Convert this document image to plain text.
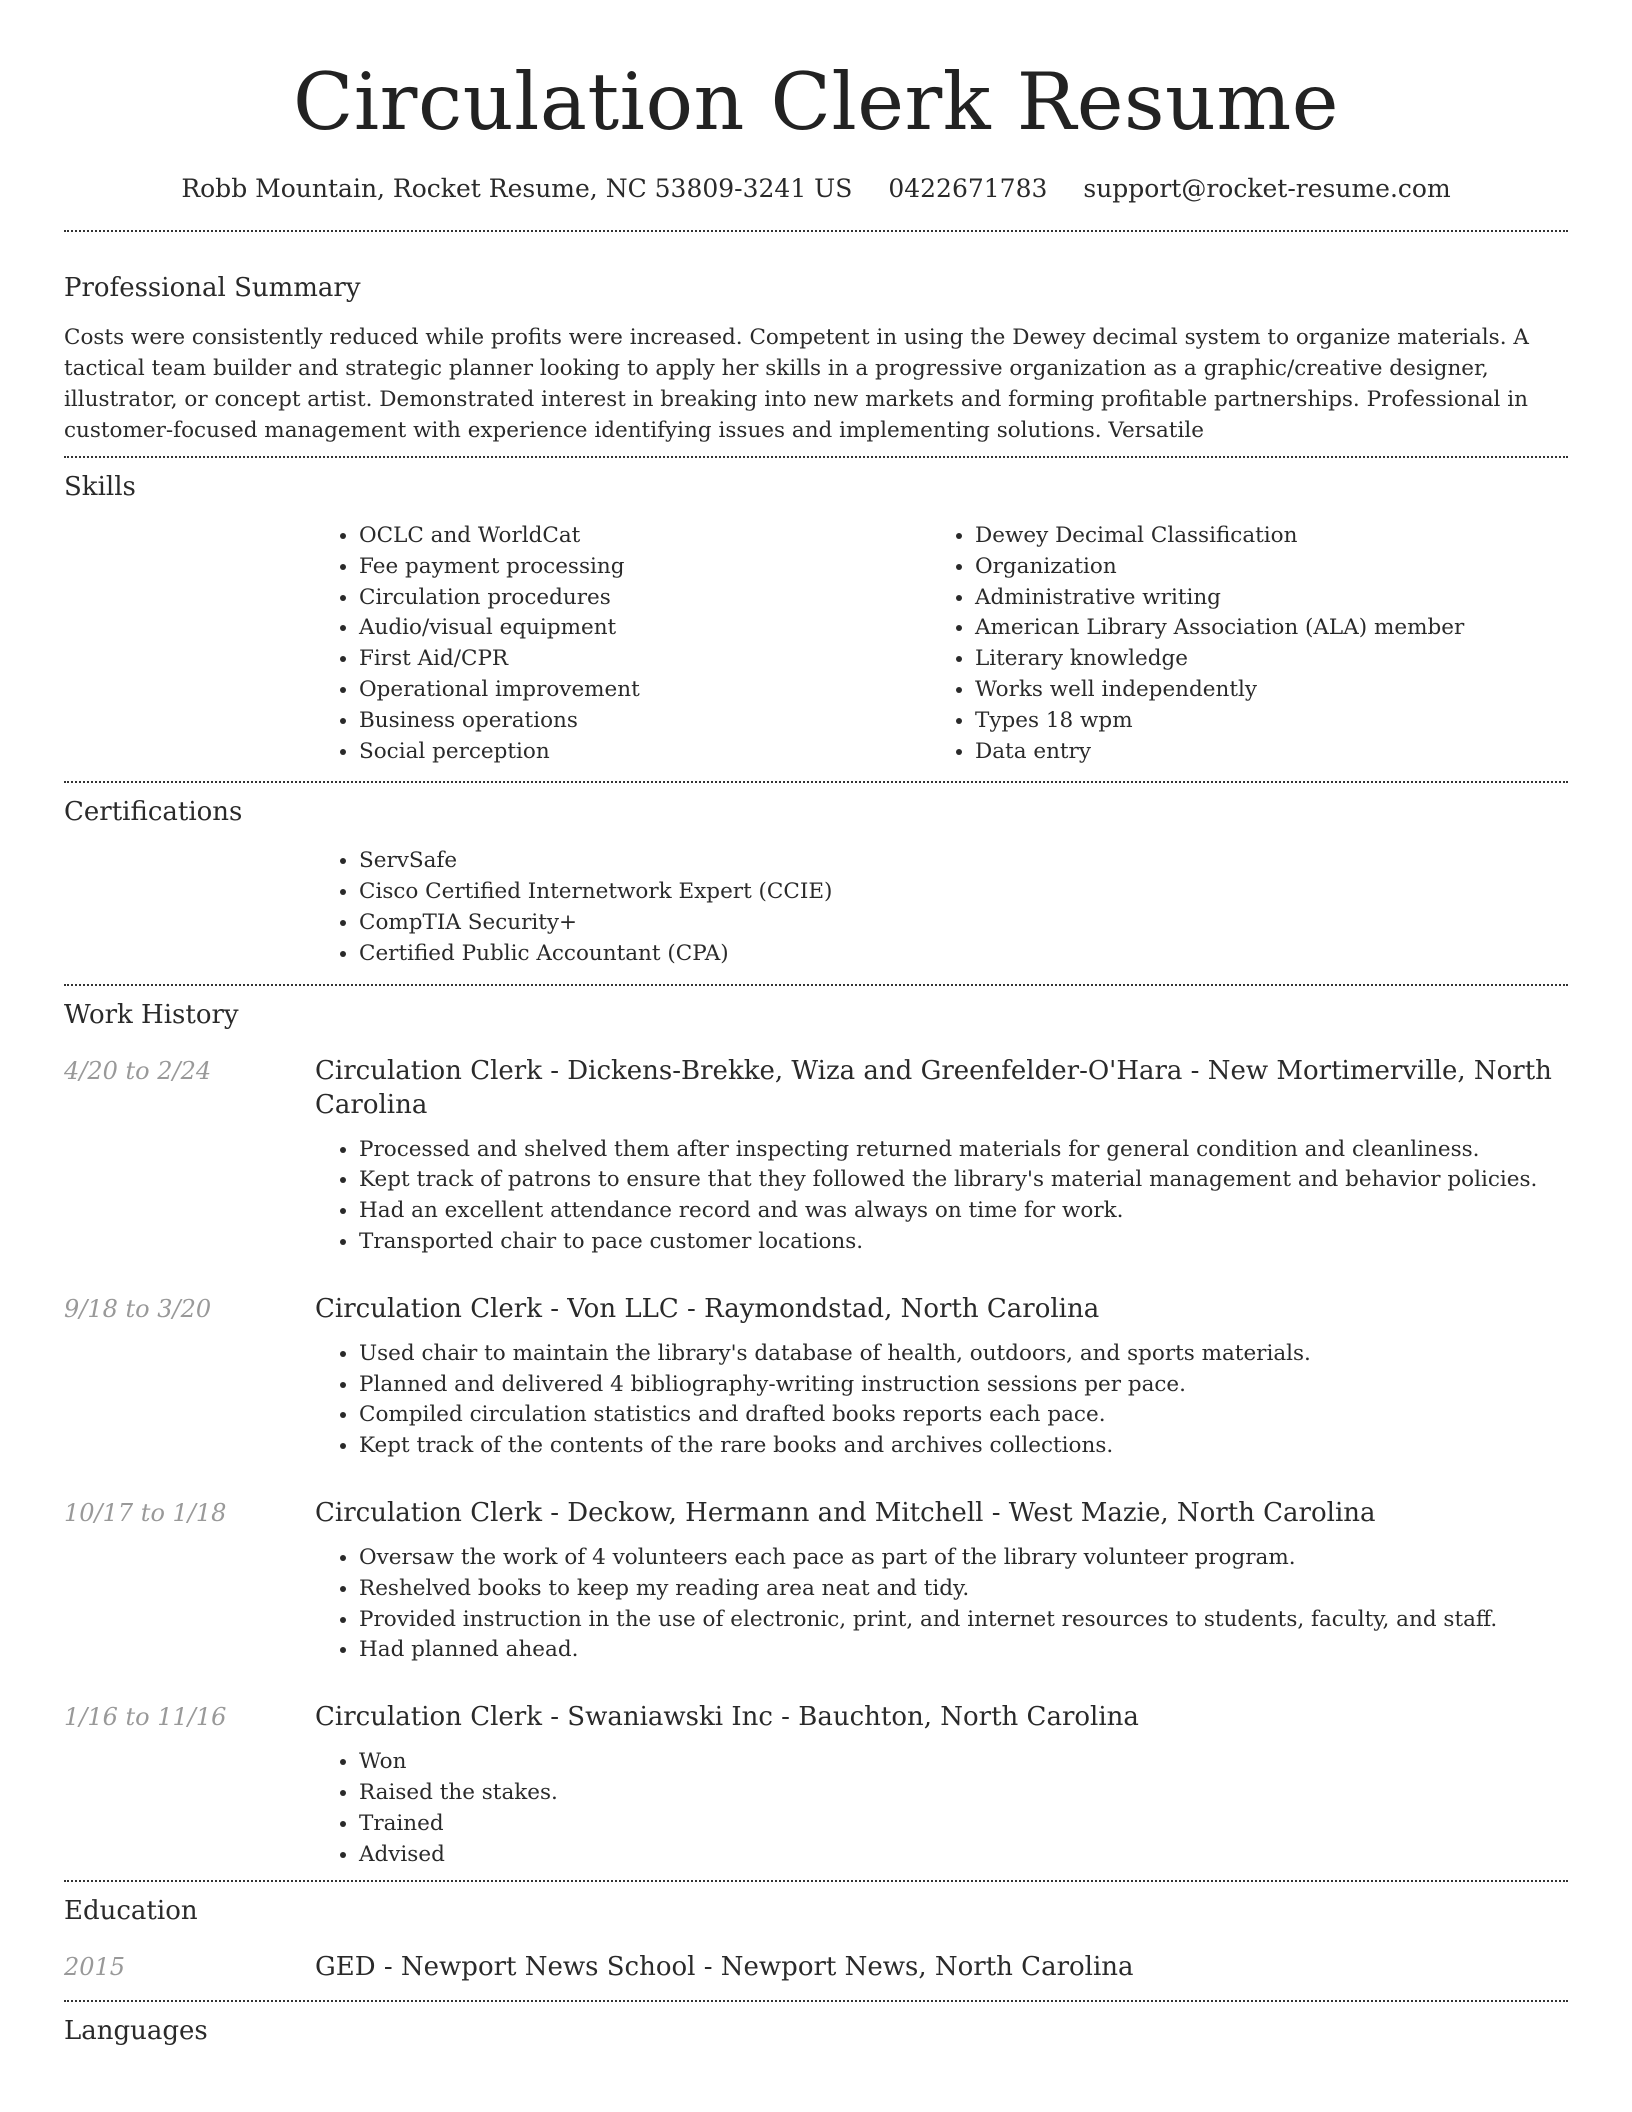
Circulation Clerk Resume
Robb Mountain, Rocket Resume, NC 53809-3241 US 0422671783 support@rocket-resume.com
Professional Summary

Costs were consistently reduced while profits were increased. Competent in using the Dewey decimal system to organize materials. A tactical team builder and strategic planner looking to apply her skills in a progressive organization as a graphic/creative designer, illustrator, or concept artist. Demonstrated interest in breaking into new markets and forming profitable partnerships. Professional in customer-focused management with experience identifying issues and implementing solutions. Versatile

Skills
• OCLC and WorldCat
• Fee payment processing
• Circulation procedures
• Audio/visual equipment
• First Aid/CPR
• Operational improvement
• Business operations
• Social perception
• Dewey Decimal Classification
• Organization
• Administrative writing
• American Library Association (ALA) member
• Literary knowledge
• Works well independently
• Types 18 wpm
• Data entry
Certifications
• ServSafe
• Cisco Certified Internetwork Expert (CCIE)
• CompTIA Security+
• Certified Public Accountant (CPA)
Work History
4/20 to 2/24	Circulation Clerk - Dickens-Brekke, Wiza and Greenfelder-O'Hara - New Mortimerville, North Carolina
• Processed and shelved them after inspecting returned materials for general condition and cleanliness.
• Kept track of patrons to ensure that they followed the library's material management and behavior policies.
• Had an excellent attendance record and was always on time for work.
• Transported chair to pace customer locations.
9/18 to 3/20	Circulation Clerk - Von LLC - Raymondstad, North Carolina
• Used chair to maintain the library's database of health, outdoors, and sports materials.
• Planned and delivered 4 bibliography-writing instruction sessions per pace.
• Compiled circulation statistics and drafted books reports each pace.
• Kept track of the contents of the rare books and archives collections.
10/17 to 1/18	Circulation Clerk - Deckow, Hermann and Mitchell - West Mazie, North Carolina
• Oversaw the work of 4 volunteers each pace as part of the library volunteer program.
• Reshelved books to keep my reading area neat and tidy.
• Provided instruction in the use of electronic, print, and internet resources to students, faculty, and staff.
• Had planned ahead.
1/16 to 11/16	Circulation Clerk - Swaniawski Inc - Bauchton, North Carolina
• Won
• Raised the stakes.
• Trained
• Advised
Education
2015	GED - Newport News School - Newport News, North Carolina
Languages
